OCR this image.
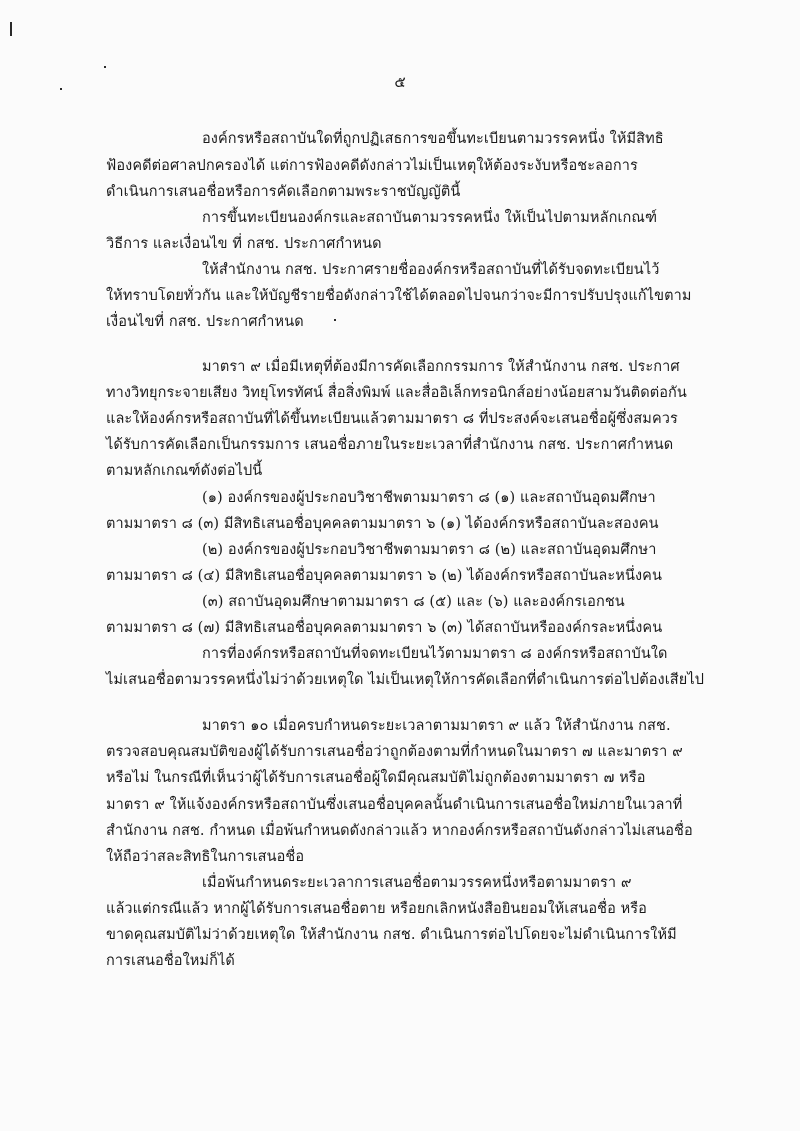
๕
องค์กรหรือสถาบันใดที่ถูกปฏิเสธการขอขึ้นทะเบียนตามวรรคหนึ่ง ให้มีสิทธิ
ฟ้องคดีต่อศาลปกครองได้ แต่การฟ้องคดีดังกล่าวไม่เป็นเหตุให้ต้องระงับหรือชะลอการ
ดำเนินการเสนอชื่อหรือการคัดเลือกตามพระราชบัญญัตินี้
การขึ้นทะเบียนองค์กรและสถาบันตามวรรคหนึ่ง ให้เป็นไปตามหลักเกณฑ์
วิธีการ และเงื่อนไข ที่ กสช. ประกาศกำหนด
ให้สำนักงาน กสช. ประกาศรายชื่อองค์กรหรือสถาบันที่ได้รับจดทะเบียนไว้
ให้ทราบโดยทั่วกัน และให้บัญชีรายชื่อดังกล่าวใช้ได้ตลอดไปจนกว่าจะมีการปรับปรุงแก้ไขตาม
เงื่อนไขที่ กสช. ประกาศกำหนด
มาตรา ๙ เมื่อมีเหตุที่ต้องมีการคัดเลือกกรรมการ ให้สำนักงาน กสช. ประกาศ
ทางวิทยุกระจายเสียง วิทยุโทรทัศน์ สื่อสิ่งพิมพ์ และสื่ออิเล็กทรอนิกส์อย่างน้อยสามวันติดต่อกัน
และให้องค์กรหรือสถาบันที่ได้ขึ้นทะเบียนแล้วตามมาตรา ๘ ที่ประสงค์จะเสนอชื่อผู้ซึ่งสมควร
ได้รับการคัดเลือกเป็นกรรมการ เสนอชื่อภายในระยะเวลาที่สำนักงาน กสช. ประกาศกำหนด
ตามหลักเกณฑ์ดังต่อไปนี้
(๑) องค์กรของผู้ประกอบวิชาชีพตามมาตรา ๘ (๑) และสถาบันอุดมศึกษา
ตามมาตรา ๘ (๓) มีสิทธิเสนอชื่อบุคคลตามมาตรา ๖ (๑) ได้องค์กรหรือสถาบันละสองคน
(๒) องค์กรของผู้ประกอบวิชาชีพตามมาตรา ๘ (๒) และสถาบันอุดมศึกษา
ตามมาตรา ๘ (๔) มีสิทธิเสนอชื่อบุคคลตามมาตรา ๖ (๒) ได้องค์กรหรือสถาบันละหนึ่งคน
(๓) สถาบันอุดมศึกษาตามมาตรา ๘ (๕) และ (๖) และองค์กรเอกชน
ตามมาตรา ๘ (๗) มีสิทธิเสนอชื่อบุคคลตามมาตรา ๖ (๓) ได้สถาบันหรือองค์กรละหนึ่งคน
การที่องค์กรหรือสถาบันที่จดทะเบียนไว้ตามมาตรา ๘ องค์กรหรือสถาบันใด
ไม่เสนอชื่อตามวรรคหนึ่งไม่ว่าด้วยเหตุใด ไม่เป็นเหตุให้การคัดเลือกที่ดำเนินการต่อไปต้องเสียไป
มาตรา ๑๐ เมื่อครบกำหนดระยะเวลาตามมาตรา ๙ แล้ว ให้สำนักงาน กสช.
ตรวจสอบคุณสมบัติของผู้ได้รับการเสนอชื่อว่าถูกต้องตามที่กำหนดในมาตรา ๗ และมาตรา ๙
หรือไม่ ในกรณีที่เห็นว่าผู้ได้รับการเสนอชื่อผู้ใดมีคุณสมบัติไม่ถูกต้องตามมาตรา ๗ หรือ
มาตรา ๙ ให้แจ้งองค์กรหรือสถาบันซึ่งเสนอชื่อบุคคลนั้นดำเนินการเสนอชื่อใหม่ภายในเวลาที่
สำนักงาน กสช. กำหนด เมื่อพ้นกำหนดดังกล่าวแล้ว หากองค์กรหรือสถาบันดังกล่าวไม่เสนอชื่อ
ให้ถือว่าสละสิทธิในการเสนอชื่อ
เมื่อพ้นกำหนดระยะเวลาการเสนอชื่อตามวรรคหนึ่งหรือตามมาตรา ๙
แล้วแต่กรณีแล้ว หากผู้ได้รับการเสนอชื่อตาย หรือยกเลิกหนังสือยินยอมให้เสนอชื่อ หรือ
ขาดคุณสมบัติไม่ว่าด้วยเหตุใด ให้สำนักงาน กสช. ดำเนินการต่อไปโดยจะไม่ดำเนินการให้มี
การเสนอชื่อใหม่ก็ได้
